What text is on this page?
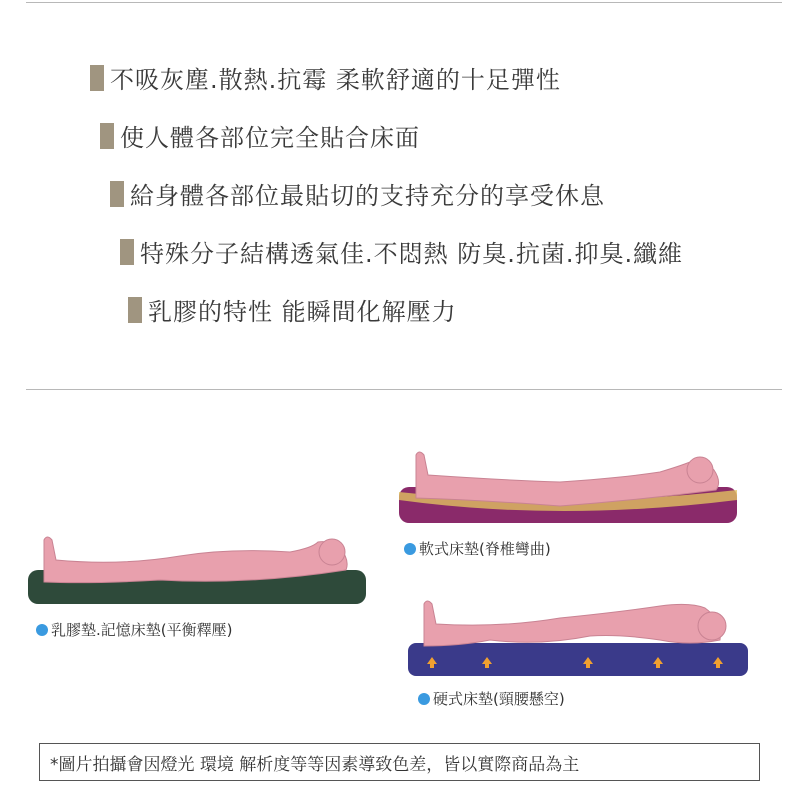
不吸灰塵.散熱.抗霉 柔軟舒適的十足彈性
使人體各部位完全貼合床面
給身體各部位最貼切的支持充分的享受休息
特殊分子結構透氣佳.不悶熱 防臭.抗菌.抑臭.纖維
乳膠的特性 能瞬間化解壓力
乳膠墊.記憶床墊(平衡釋壓)
軟式床墊(脊椎彎曲)
硬式床墊(頸腰懸空)
*圖片拍攝會因燈光 環境 解析度等等因素導致色差，皆以實際商品為主
